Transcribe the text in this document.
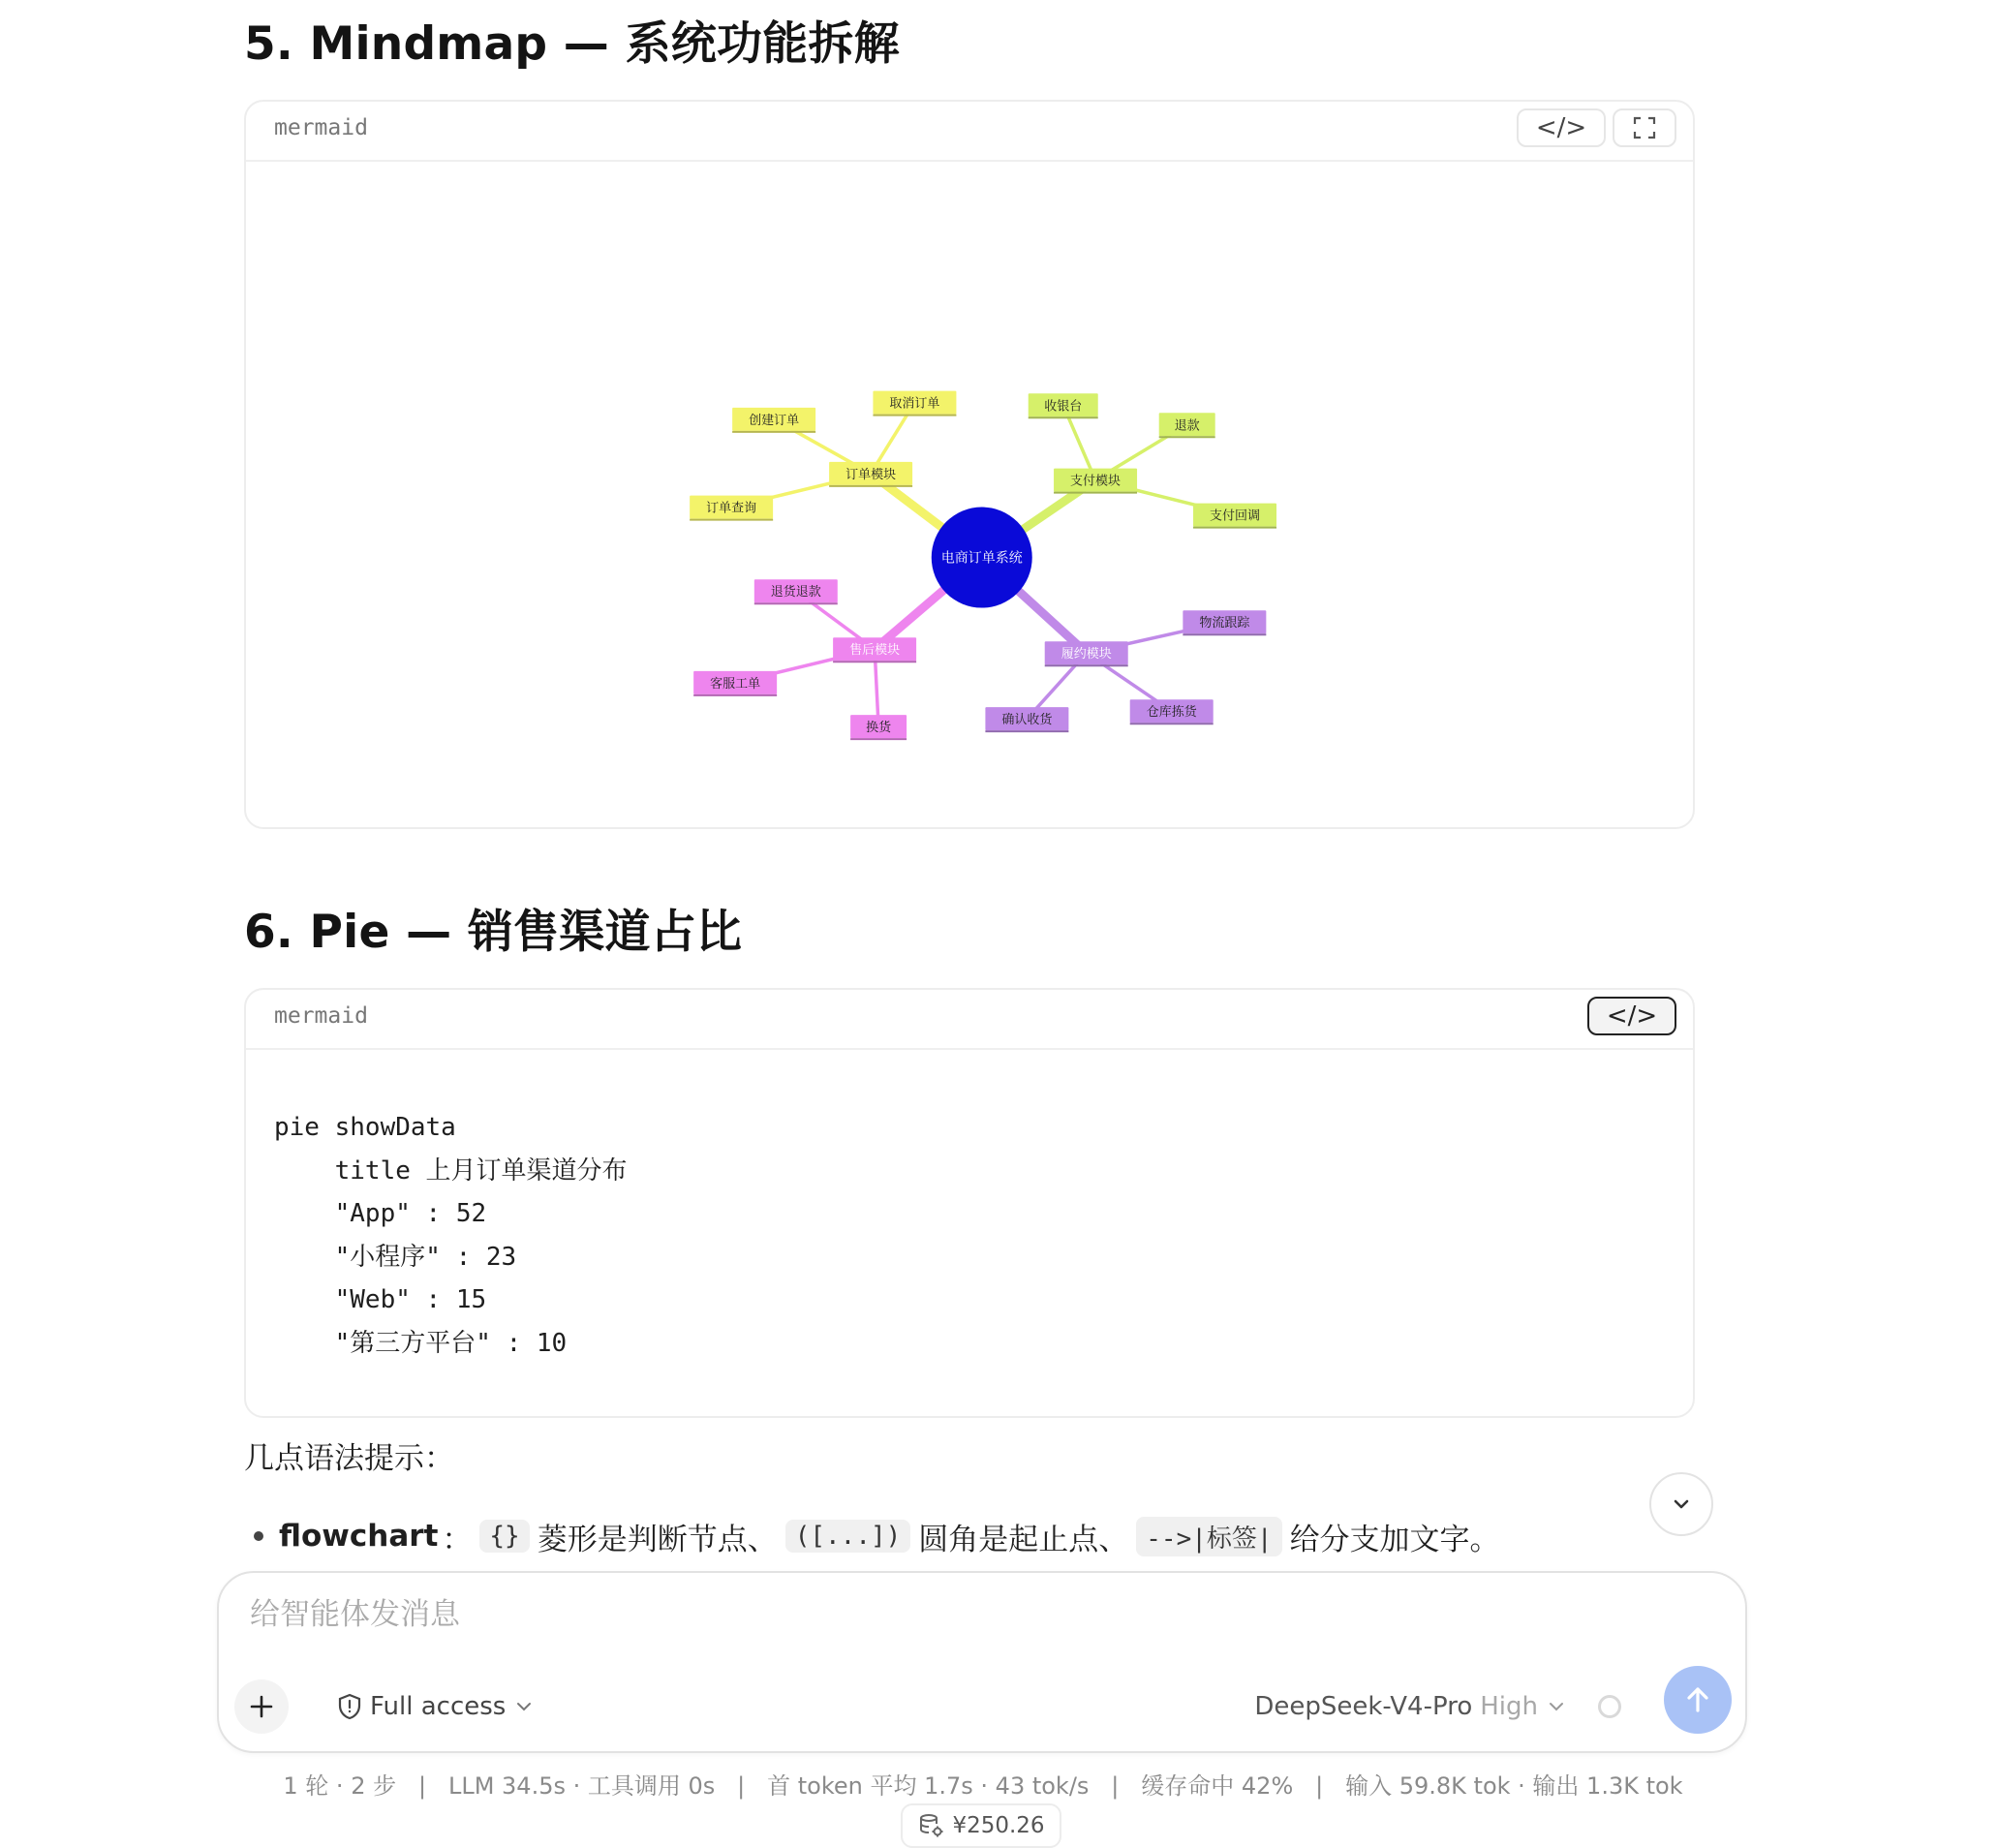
5. Mindmap — 系统功能拆解
mermaid	</>
订单模块
创建订单
取消订单
订单查询
支付模块
收银台
退款
支付回调
售后模块
退货退款
客服工单
换货
履约模块
物流跟踪
确认收货
仓库拣货
电商订单系统
6. Pie — 销售渠道占比
mermaid	</>
pie showData
title 上月订单渠道分布
"App" : 52
"小程序" : 23
"Web" : 15
"第三方平台" : 10
几点语法提示：
flowchart ： {} 菱形是判断节点、 ([...]) 圆角是起止点、 -->|标签| 给分支加文字。
给智能体发消息
Full access	DeepSeek-V4-Pro High
1 轮 · 2 步   |   LLM 34.5s · 工具调用 0s   |   首 token 平均 1.7s · 43 tok/s   |   缓存命中 42%   |   输入 59.8K tok · 输出 1.3K tok
¥250.26
